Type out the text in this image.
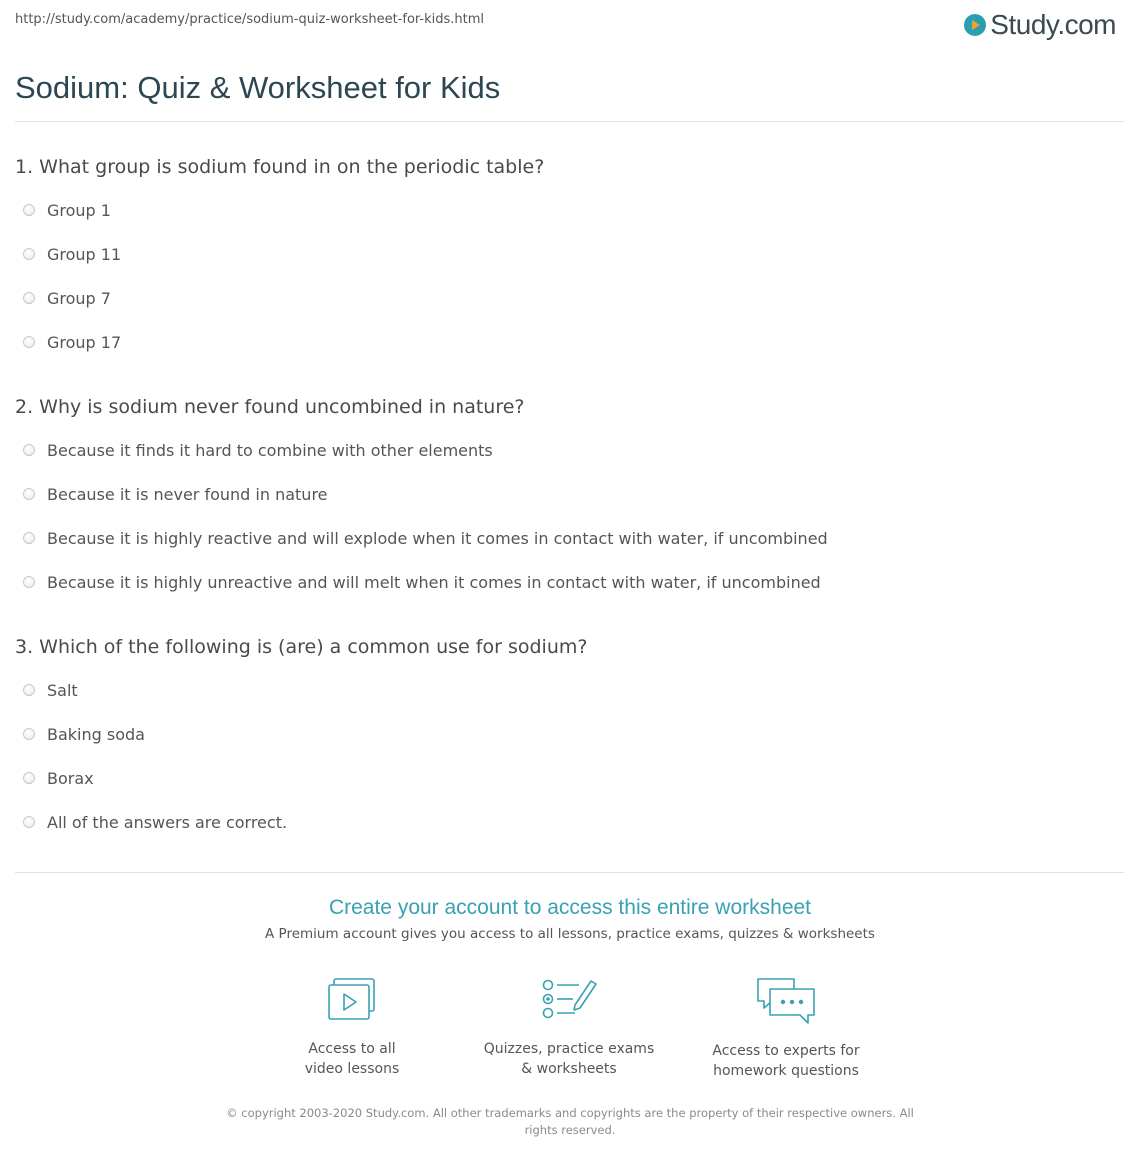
http://study.com/academy/practice/sodium-quiz-worksheet-for-kids.html	Study.com
Sodium: Quiz & Worksheet for Kids
1. What group is sodium found in on the periodic table?
Group 1
Group 11
Group 7
Group 17
2. Why is sodium never found uncombined in nature?
Because it finds it hard to combine with other elements
Because it is never found in nature
Because it is highly reactive and will explode when it comes in contact with water, if uncombined
Because it is highly unreactive and will melt when it comes in contact with water, if uncombined
3. Which of the following is (are) a common use for sodium?
Salt
Baking soda
Borax
All of the answers are correct.
Create your account to access this entire worksheet
A Premium account gives you access to all lessons, practice exams, quizzes & worksheets
Access to all
video lessons
Quizzes, practice exams
& worksheets
Access to experts for
homework questions
© copyright 2003-2020 Study.com. All other trademarks and copyrights are the property of their respective owners. All rights reserved.
